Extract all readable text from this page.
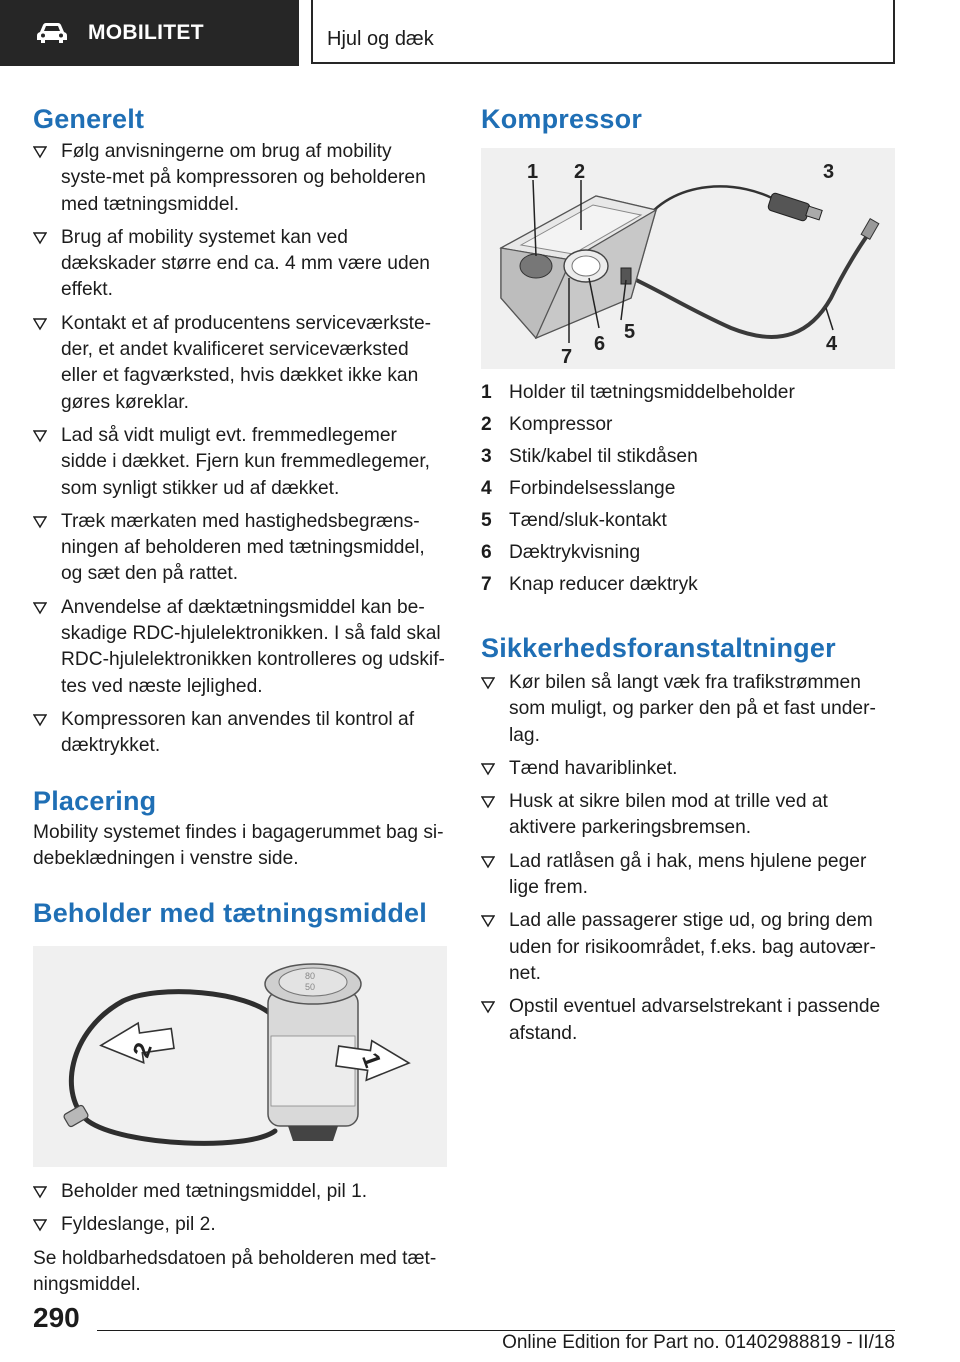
MOBILITET	Hjul og dæk
Generelt
Følg anvisningerne om brug af mobility syste-met på kompressoren og beholderen med tætningsmiddel.
Brug af mobility systemet kan ved dækskader større end ca. 4 mm være uden effekt.
Kontakt et af producentens serviceværkste-der, et andet kvalificeret serviceværksted eller et fagværksted, hvis dækket ikke kan gøres køreklar.
Lad så vidt muligt evt. fremmedlegemer sidde i dækket. Fjern kun fremmedlegemer, som synligt stikker ud af dækket.
Træk mærkaten med hastighedsbegræns-ningen af beholderen med tætningsmiddel, og sæt den på rattet.
Anvendelse af dæktætningsmiddel kan be-skadige RDC-hjulelektronikken. I så fald skal RDC-hjulelektronikken kontrolleres og udskif-tes ved næste lejlighed.
Kompressoren kan anvendes til kontrol af dæktrykket.
Placering

Mobility systemet findes i bagagerummet bag si-debeklædningen i venstre side.

Beholder med tætningsmiddel
80
50
2	1
Beholder med tætningsmiddel, pil 1.
Fyldeslange, pil 2.

Se holdbarhedsdatoen på beholderen med tæt-ningsmiddel.

Kompressor
1 2	3
4
5
6
7
1 Holder til tætningsmiddelbeholder
2 Kompressor
3 Stik/kabel til stikdåsen
4 Forbindelsesslange
5 Tænd/sluk-kontakt
6 Dæktrykvisning
7 Knap reducer dæktryk
Sikkerhedsforanstaltninger
Kør bilen så langt væk fra trafikstrømmen som muligt, og parker den på et fast under-lag.
Tænd havariblinket.
Husk at sikre bilen mod at trille ved at aktivere parkeringsbremsen.
Lad ratlåsen gå i hak, mens hjulene peger lige frem.
Lad alle passagerer stige ud, og bring dem uden for risikoområdet, f.eks. bag autovær-net.
Opstil eventuel advarselstrekant i passende afstand.
290
Online Edition for Part no. 01402988819 - II/18
